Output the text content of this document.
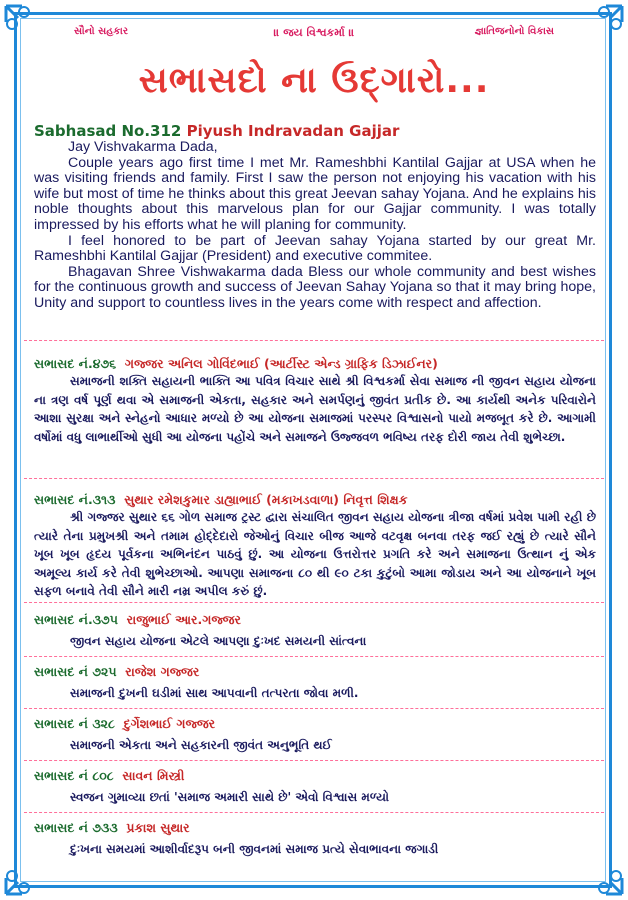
સૌનો સહકાર	॥ જય વિશ્વકર્મા ॥	જ્ઞાતિજનોનો વિકાસ
સભાસદો ના ઉદ્‌ગારો...
Sabhasad No.312 Piyush Indravadan Gajjar

Jay Vishvakarma Dada,

Couple years ago first time I met Mr. Rameshbhi Kantilal Gajjar at USA when he was visiting friends and family. First I saw the person not enjoying his vacation with his wife but most of time he thinks about this great Jeevan sahay Yojana. And he explains his noble thoughts about this marvelous plan for our Gajjar community. I was totally impressed by his efforts what he will planing for community.

I feel honored to be part of Jeevan sahay Yojana started by our great Mr. Rameshbhi Kantilal Gajjar (President) and executive commitee.

Bhagavan Shree Vishwakarma dada Bless our whole community and best wishes for the continuous growth and success of Jeevan Sahay Yojana so that it may bring hope, Unity and support to countless lives in the years come with respect and affection.

સભાસદ નં.૪૭૬ ગજ્જર અનિલ ગોવિંદભાઈ (આર્ટીસ્ટ એન્ડ ગ્રાફિક ડિઝાઈનર)

સમાજની શક્તિ સહાયની ભાક્તિ આ પવિત્ર વિચાર સાથે શ્રી વિશ્વકર્મા સેવા સમાજ ની જીવન સહાય યોજના ના ત્રણ વર્ષ પૂર્ણ થવા એ સમાજની એકતા, સહકાર અને સમર્પણનું જીવંત પ્રતીક છે. આ કાર્યથી અનેક પરિવારોને આશા સુરક્ષા અને સ્નેહનો આધાર મળ્યો છે આ યોજના સમાજમાં પરસ્પર વિશ્વાસનો પાયો મજબૂત કરે છે. આગામી વર્ષોમાં વધુ લાભાર્થીઓ સુધી આ યોજના પહોંચે અને સમાજને ઉજ્જવળ ભવિષ્ય તરફ દોરી જાય તેવી શુભેચ્છા.

સભાસદ નં.૩૧૩ સુથાર રમેશકુમાર ડાહ્યાભાઈ (મકાખડવાળા) નિવૃત્ત શિક્ષક

શ્રી ગજ્જર સુથાર ૬૬ ગોળ સમાજ ટ્રસ્ટ દ્વારા સંચાલિત જીવન સહાય યોજના ત્રીજા વર્ષમાં પ્રવેશ પામી રહી છે ત્યારે તેના પ્રમુખશ્રી અને તમામ હોદ્દેદારો જેઓનું વિચાર બીજ આજે વટવૃક્ષ બનવા તરફ જઈ રહ્યું છે ત્યારે સૌને ખૂબ ખૂબ હૃદય પૂર્વકના અભિનંદન પાઠવું છું. આ યોજના ઉત્તરોત્તર પ્રગતિ કરે અને સમાજના ઉત્થાન નું એક અમૂલ્ય કાર્ય કરે તેવી શુભેચ્છાઓ. આપણા સમાજના ૮૦ થી ૯૦ ટકા કુટુંબો આમા જોડાય અને આ યોજનાને ખૂબ સફળ બનાવે તેવી સૌને મારી નમ્ર અપીલ કરું છું.

સભાસદ નં.૩૭૫ રાજુભાઈ આર.ગજ્જર
જીવન સહાય યોજના એટલે આપણા દુઃખદ સમયની સાંત્વના
સભાસદ નં ૭૨૫ રાજેશ ગજ્જર
સમાજની દુખની ઘડીમાં સાથ આપવાની તત્પરતા જોવા મળી.
સભાસદ નં ૩૨૮ દુર્ગેશભાઈ ગજ્જર
સમાજની એકતા અને સહકારની જીવંત અનુભૂતિ થઈ
સભાસદ નં ૮૦૮ સાવન મિસ્ત્રી
સ્વજન ગુમાવ્યા છતાં 'સમાજ અમારી સાથે છે' એવો વિશ્વાસ મળ્યો
સભાસદ નં ૭૩૩ પ્રકાશ સુથાર
દુઃખના સમયમાં આશીર્વાદરૂપ બની જીવનમાં સમાજ પ્રત્યે સેવાભાવના જગાડી
